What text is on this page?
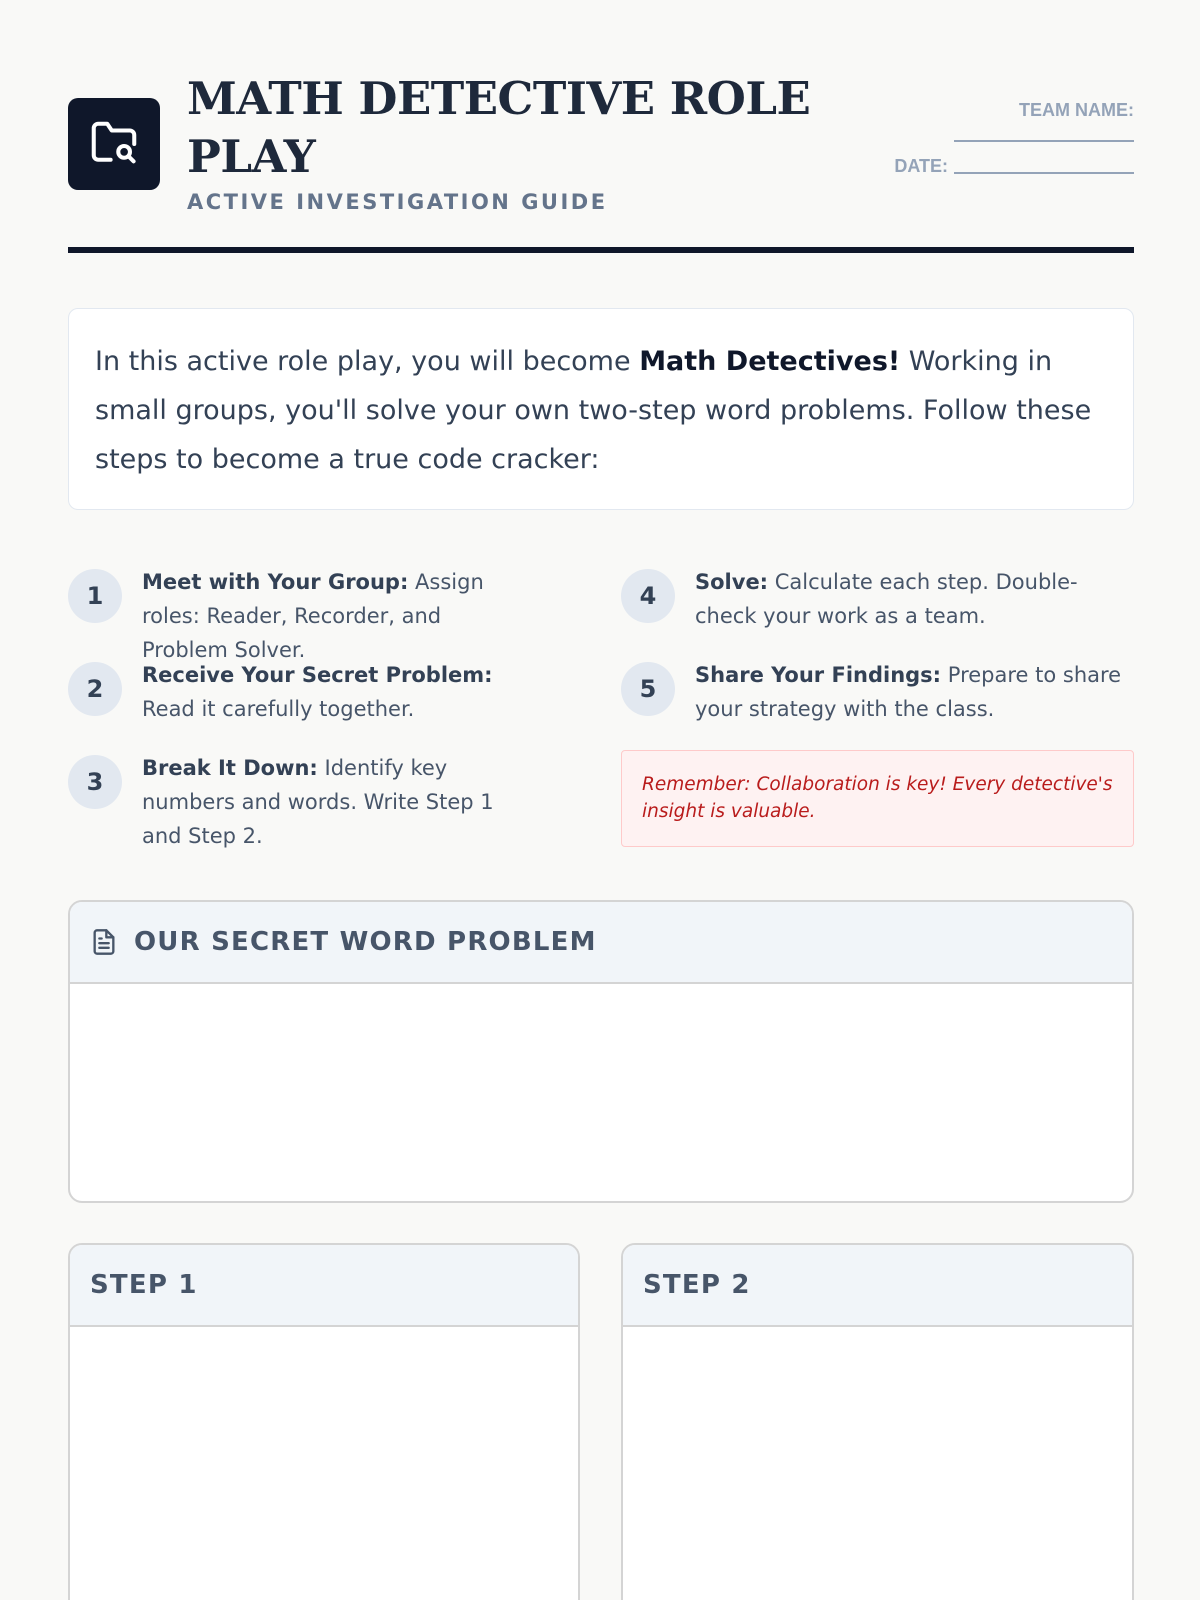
MATH DETECTIVE ROLE PLAY
ACTIVE INVESTIGATION GUIDE
TEAM NAME:
DATE:
In this active role play, you will become Math Detectives! Working in small groups, you'll solve your own two-step word problems. Follow these steps to become a true code cracker:
1	Meet with Your Group: Assign roles: Reader, Recorder, and Problem Solver.
2	Receive Your Secret Problem: Read it carefully together.
3	Break It Down: Identify key numbers and words. Write Step 1 and Step 2.
4	Solve: Calculate each step. Double-check your work as a team.
5	Share Your Findings: Prepare to share your strategy with the class.
Remember: Collaboration is key! Every detective's insight is valuable.
OUR SECRET WORD PROBLEM
STEP 1	STEP 2
